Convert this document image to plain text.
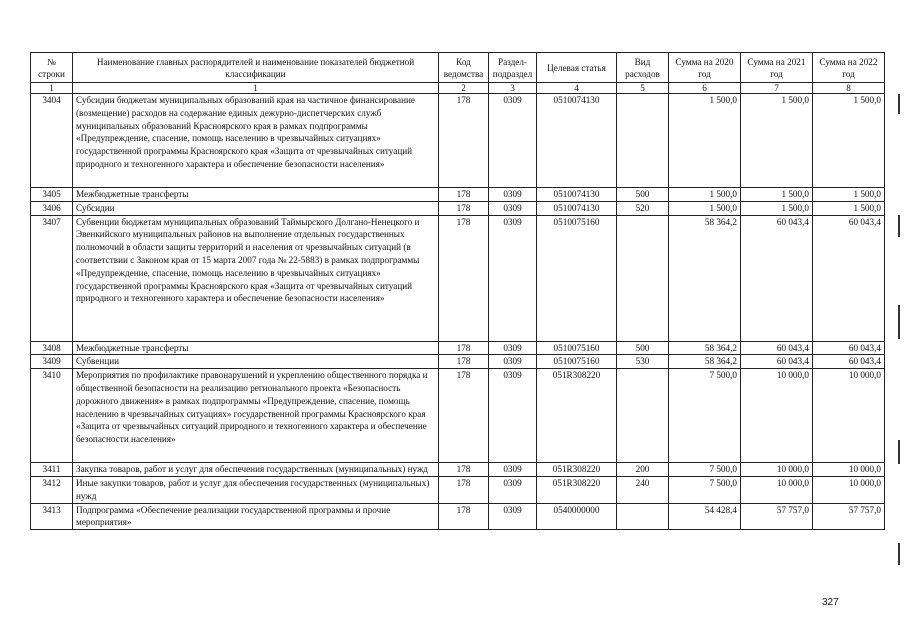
№ строки	Наименование главных распорядителей и наименование показателей бюджетной классификации	Код ведомства	Раздел-подраздел	Целевая статья	Вид расходов	Сумма на 2020 год	Сумма на 2021 год	Сумма на 2022 год
1	1	2	3	4	5	6	7	8
3404	Субсидии бюджетам муниципальных образований края на частичное финансирование (возмещение) расходов на содержание единых дежурно-диспетчерских служб муниципальных образований Красноярского края в рамках подпрограммы «Предупреждение, спасение, помощь населению в чрезвычайных ситуациях» государственной программы Красноярского края «Защита от чрезвычайных ситуаций природного и техногенного характера и обеспечение безопасности населения»	178	0309	0510074130		1 500,0	1 500,0	1 500,0
3405	Межбюджетные трансферты	178	0309	0510074130	500	1 500,0	1 500,0	1 500,0
3406	Субсидии	178	0309	0510074130	520	1 500,0	1 500,0	1 500,0
3407	Субвенции бюджетам муниципальных образований Таймырского Долгано-Ненецкого и Эвенкийского муниципальных районов на выполнение отдельных государственных полномочий в области защиты территорий и населения от чрезвычайных ситуаций (в соответствии с Законом края от 15 марта 2007 года № 22-5883) в рамках подпрограммы «Предупреждение, спасение, помощь населению в чрезвычайных ситуациях» государственной программы Красноярского края «Защита от чрезвычайных ситуаций природного и техногенного характера и обеспечение безопасности населения»	178	0309	0510075160		58 364,2	60 043,4	60 043,4
3408	Межбюджетные трансферты	178	0309	0510075160	500	58 364,2	60 043,4	60 043,4
3409	Субвенции	178	0309	0510075160	530	58 364,2	60 043,4	60 043,4
3410	Мероприятия по профилактике правонарушений и укреплению общественного порядка и общественной безопасности на реализацию регионального проекта «Безопасность дорожного движения» в рамках подпрограммы «Предупреждение, спасение, помощь населению в чрезвычайных ситуациях» государственной программы Красноярского края «Защита от чрезвычайных ситуаций природного и техногенного характера и обеспечение безопасности населения»	178	0309	051R308220		7 500,0	10 000,0	10 000,0
3411	Закупка товаров, работ и услуг для обеспечения государственных (муниципальных) нужд	178	0309	051R308220	200	7 500,0	10 000,0	10 000,0
3412	Иные закупки товаров, работ и услуг для обеспечения государственных (муниципальных) нужд	178	0309	051R308220	240	7 500,0	10 000,0	10 000,0
3413	Подпрограмма «Обеспечение реализации государственной программы и прочие мероприятия»	178	0309	0540000000		54 428,4	57 757,0	57 757,0
327
